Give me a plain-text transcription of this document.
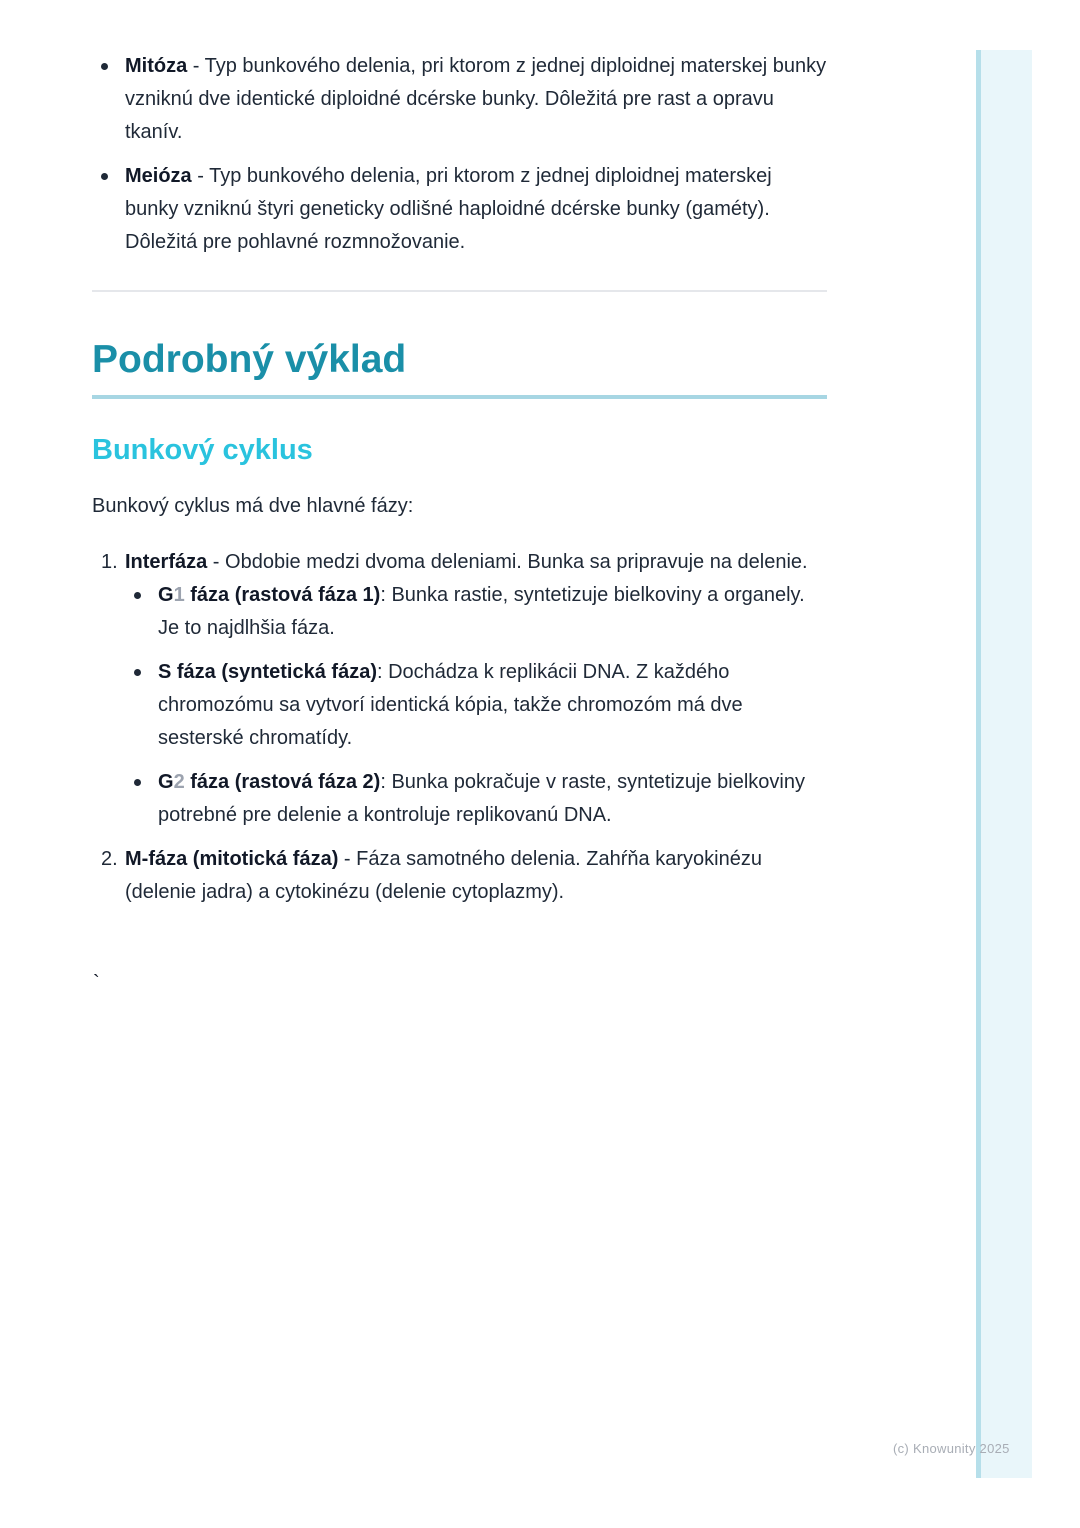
Mitóza - Typ bunkového delenia, pri ktorom z jednej diploidnej materskej bunky vzniknú dve identické diploidné dcérske bunky. Dôležitá pre rast a opravu tkanív.
Meióza - Typ bunkového delenia, pri ktorom z jednej diploidnej materskej bunky vzniknú štyri geneticky odlišné haploidné dcérske bunky (gaméty). Dôležitá pre pohlavné rozmnožovanie.
Podrobný výklad
Bunkový cyklus
Bunkový cyklus má dve hlavné fázy:
1. Interfáza - Obdobie medzi dvoma deleniami. Bunka sa pripravuje na delenie.
G1 fáza (rastová fáza 1): Bunka rastie, syntetizuje bielkoviny a organely. Je to najdlhšia fáza.
S fáza (syntetická fáza): Dochádza k replikácii DNA. Z každého chromozómu sa vytvorí identická kópia, takže chromozóm má dve sesterské chromatídy.
G2 fáza (rastová fáza 2): Bunka pokračuje v raste, syntetizuje bielkoviny potrebné pre delenie a kontroluje replikovanú DNA.
2. M-fáza (mitotická fáza) - Fáza samotného delenia. Zahŕňa karyokinézu (delenie jadra) a cytokinézu (delenie cytoplazmy).
`
(c) Knowunity 2025
